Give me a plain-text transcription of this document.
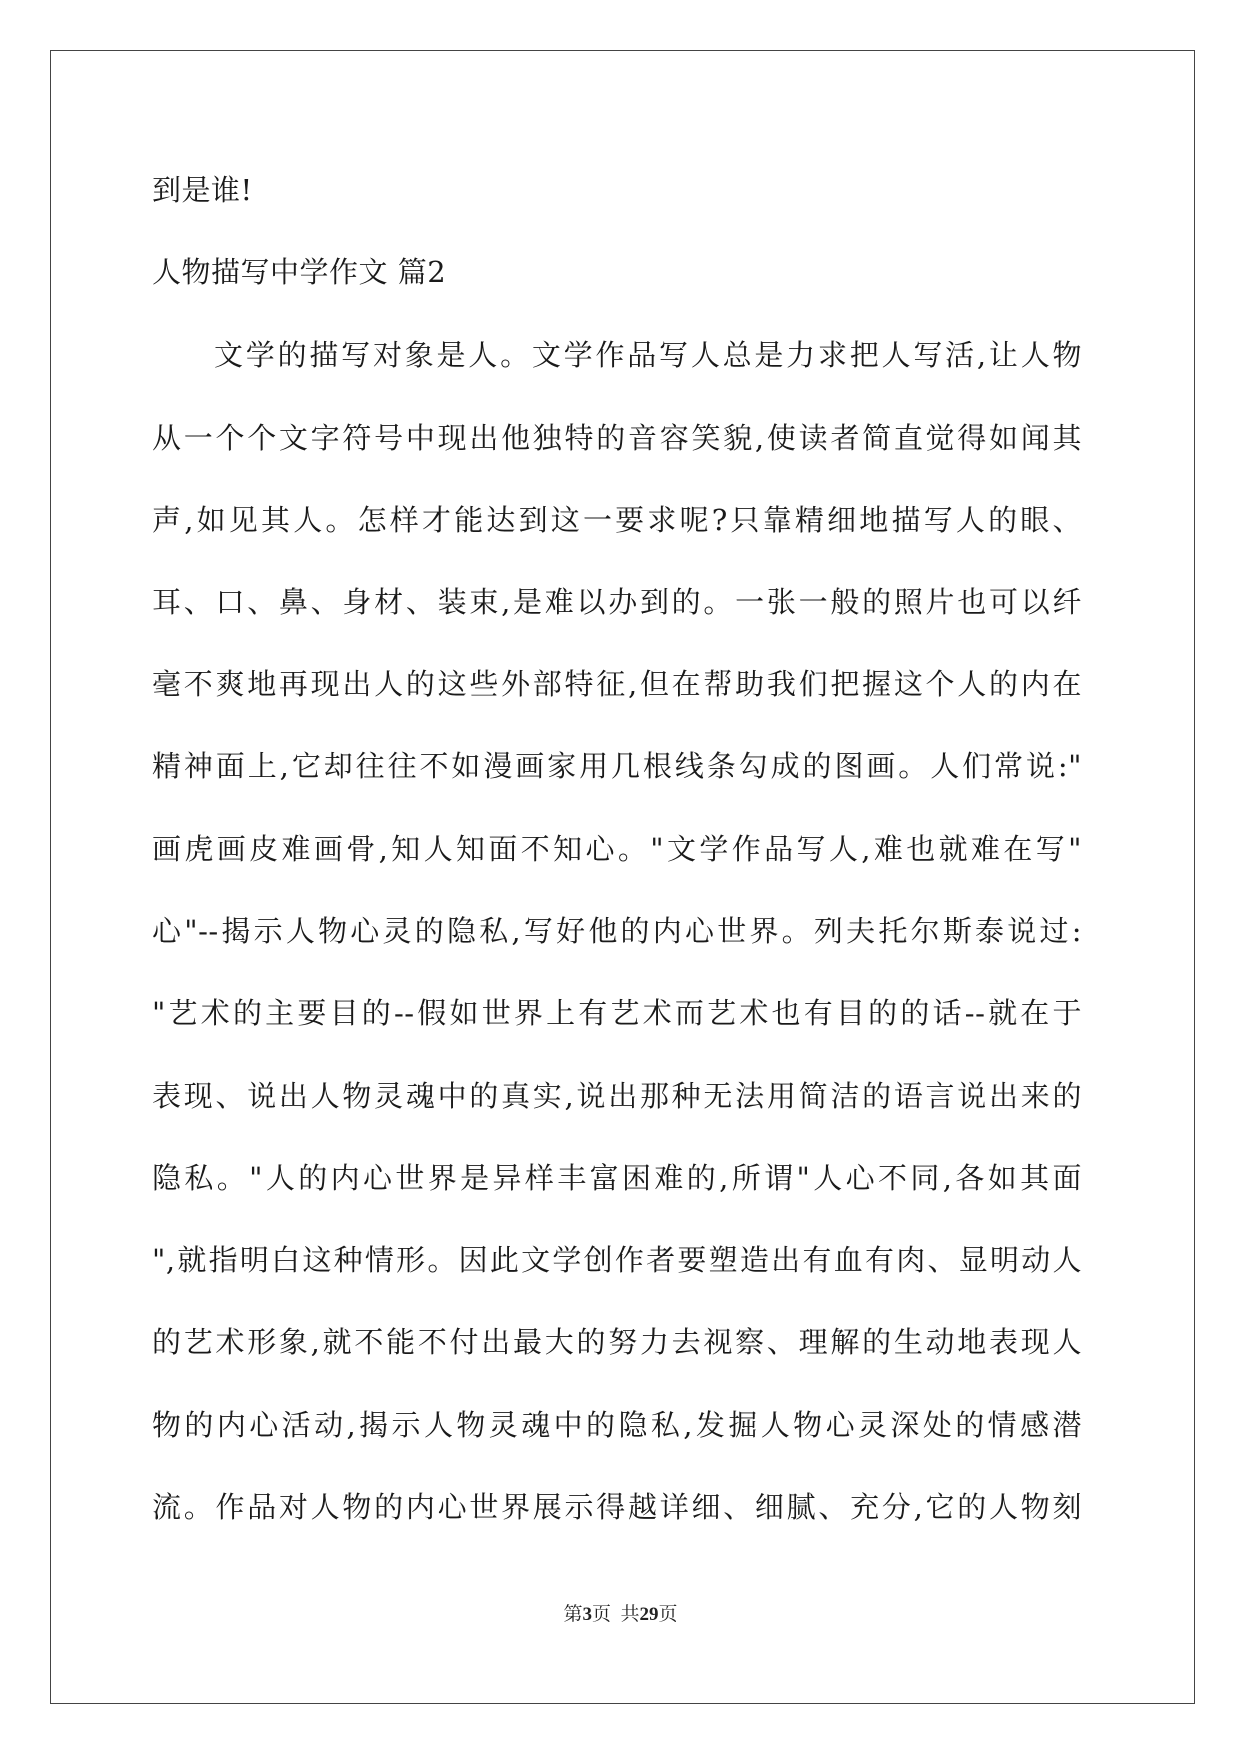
到是谁!
人物描写中学作文 篇2
文学的描写对象是人。文学作品写人总是力求把人写活,让人物
从一个个文字符号中现出他独特的音容笑貌,使读者简直觉得如闻其
声,如见其人。怎样才能达到这一要求呢?只靠精细地描写人的眼、
耳、口、鼻、身材、装束,是难以办到的。一张一般的照片也可以纤
毫不爽地再现出人的这些外部特征,但在帮助我们把握这个人的内在
精神面上,它却往往不如漫画家用几根线条勾成的图画。人们常说:"
画虎画皮难画骨,知人知面不知心。"文学作品写人,难也就难在写"
心"--揭示人物心灵的隐私,写好他的内心世界。列夫托尔斯泰说过:
"艺术的主要目的--假如世界上有艺术而艺术也有目的的话--就在于
表现、说出人物灵魂中的真实,说出那种无法用简洁的语言说出来的
隐私。"人的内心世界是异样丰富困难的,所谓"人心不同,各如其面
",就指明白这种情形。因此文学创作者要塑造出有血有肉、显明动人
的艺术形象,就不能不付出最大的努力去视察、理解的生动地表现人
物的内心活动,揭示人物灵魂中的隐私,发掘人物心灵深处的情感潜
流。作品对人物的内心世界展示得越详细、细腻、充分,它的人物刻
第3页  共29页
